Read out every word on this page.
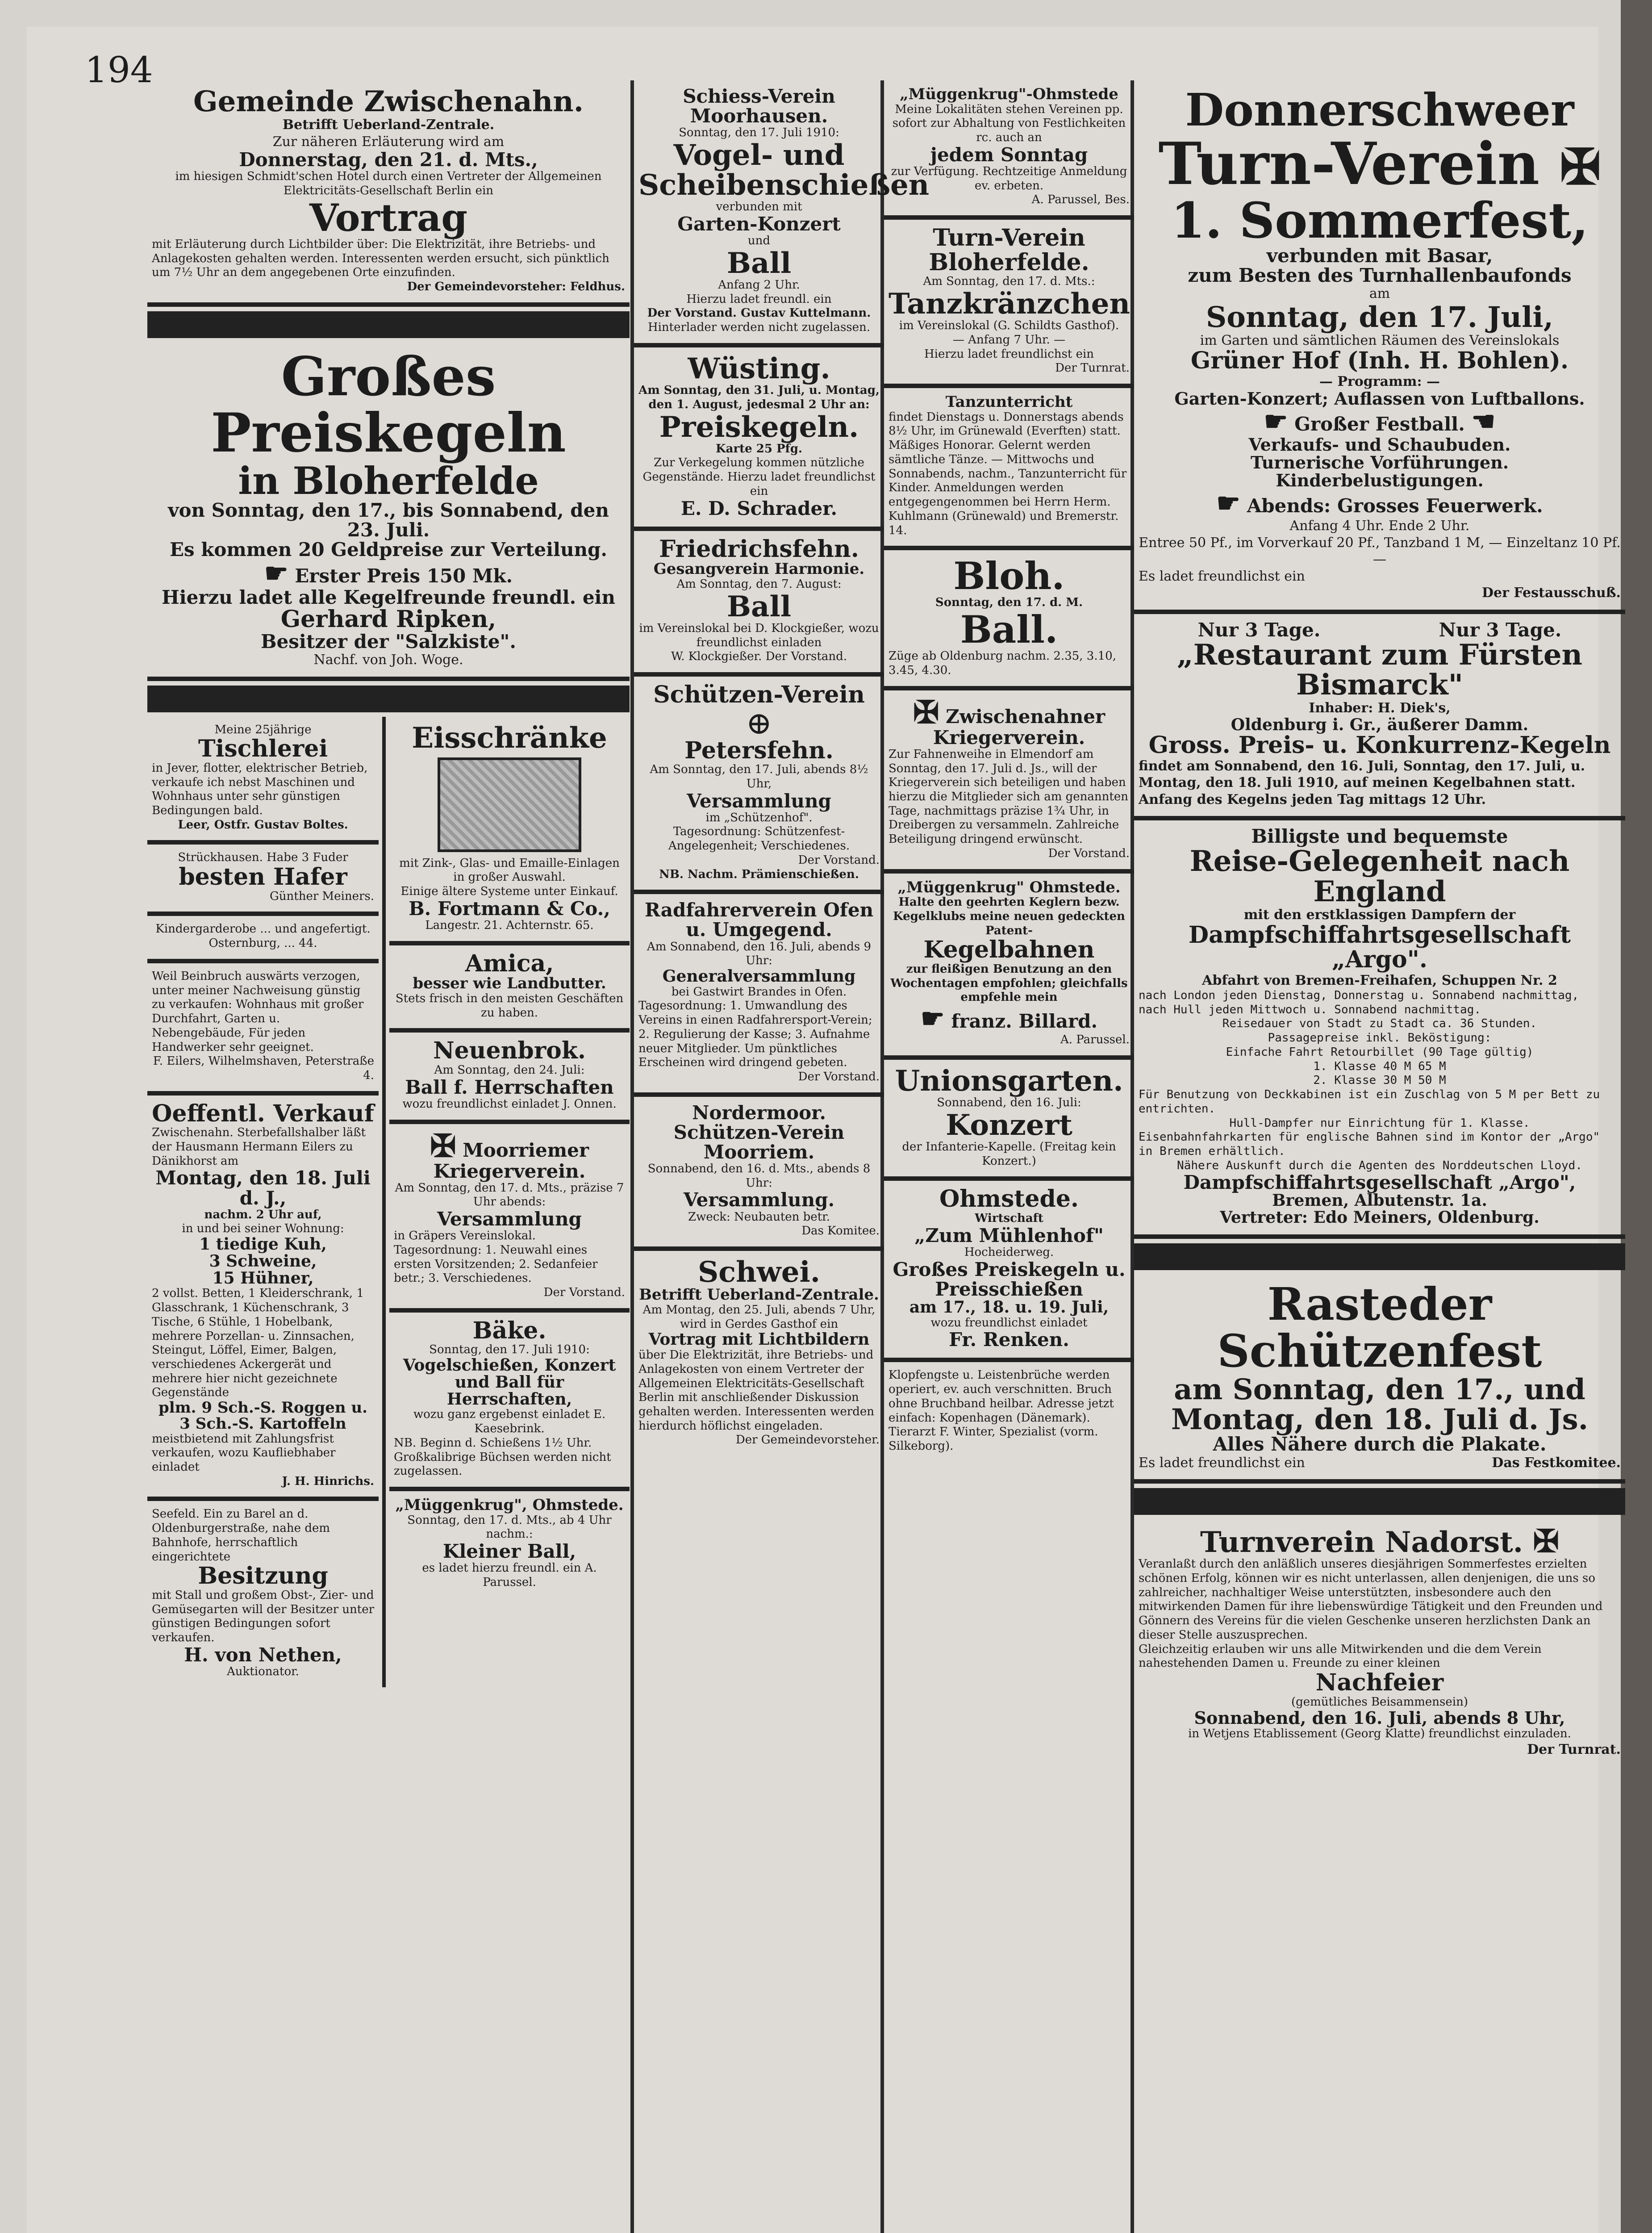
194
Gemeinde Zwischenahn.
Betrifft Ueberland-Zentrale.
Zur näheren Erläuterung wird am
Donnerstag, den 21. d. Mts.,
im hiesigen Schmidt'schen Hotel durch einen Vertreter der Allgemeinen Elektricitäts-Gesellschaft Berlin ein
Vortrag
mit Erläuterung durch Lichtbilder über: Die Elektrizität, ihre Betriebs- und Anlagekosten gehalten werden. Interessenten werden ersucht, sich pünktlich um 7½ Uhr an dem angegebenen Orte einzufinden.
Der Gemeindevorsteher: Feldhus.
Großes Preiskegeln
in Bloherfelde
von Sonntag, den 17., bis Sonnabend, den 23. Juli.
Es kommen 20 Geldpreise zur Verteilung.
☛ Erster Preis 150 Mk.
Hierzu ladet alle Kegelfreunde freundl. ein
Gerhard Ripken,
Besitzer der "Salzkiste".
Nachf. von Joh. Woge.
Meine 25jährige
Tischlerei
in Jever, flotter, elektrischer Betrieb, verkaufe ich nebst Maschinen und Wohnhaus unter sehr günstigen Bedingungen bald.
Leer, Ostfr. Gustav Boltes.
Strückhausen. Habe 3 Fuder
besten Hafer
Günther Meiners.
Kindergarderobe ... und angefertigt. Osternburg, ... 44.
Weil Beinbruch auswärts verzogen, unter meiner Nachweisung günstig zu verkaufen: Wohnhaus mit großer Durchfahrt, Garten u. Nebengebäude, Für jeden Handwerker sehr geeignet.
F. Eilers, Wilhelmshaven, Peterstraße 4.
Oeffentl. Verkauf
Zwischenahn. Sterbefallshalber läßt der Hausmann Hermann Eilers zu Dänikhorst am
Montag, den 18. Juli d. J.,
nachm. 2 Uhr auf,
in und bei seiner Wohnung:
1 tiedige Kuh,
3 Schweine,
15 Hühner,
2 vollst. Betten, 1 Kleiderschrank, 1 Glasschrank, 1 Küchenschrank, 3 Tische, 6 Stühle, 1 Hobelbank, mehrere Porzellan- u. Zinnsachen, Steingut, Löffel, Eimer, Balgen, verschiedenes Ackergerät und mehrere hier nicht gezeichnete Gegenstände
plm. 9 Sch.-S. Roggen u.
3 Sch.-S. Kartoffeln
meistbietend mit Zahlungsfrist verkaufen, wozu Kaufliebhaber einladet
J. H. Hinrichs.
Seefeld. Ein zu Barel an d. Oldenburgerstraße, nahe dem Bahnhofe, herrschaftlich eingerichtete
Besitzung
mit Stall und großem Obst-, Zier- und Gemüsegarten will der Besitzer unter günstigen Bedingungen sofort verkaufen.
H. von Nethen,
Auktionator.
Eisschränke
mit Zink-, Glas- und Emaille-Einlagen
in großer Auswahl.
Einige ältere Systeme unter Einkauf.
B. Fortmann & Co.,
Langestr. 21. Achternstr. 65.
Amica,
besser wie Landbutter.
Stets frisch in den meisten Geschäften zu haben.
Neuenbrok.
Am Sonntag, den 24. Juli:
Ball f. Herrschaften
wozu freundlichst einladet J. Onnen.
✠ Moorriemer Kriegerverein.
Am Sonntag, den 17. d. Mts., präzise 7 Uhr abends:
Versammlung
in Gräpers Vereinslokal. Tagesordnung: 1. Neuwahl eines ersten Vorsitzenden; 2. Sedanfeier betr.; 3. Verschiedenes.
Der Vorstand.
Bäke.
Sonntag, den 17. Juli 1910:
Vogelschießen, Konzert
und Ball für Herrschaften,
wozu ganz ergebenst einladet E. Kaesebrink.
NB. Beginn d. Schießens 1½ Uhr. Großkalibrige Büchsen werden nicht zugelassen.
„Müggenkrug", Ohmstede.
Sonntag, den 17. d. Mts., ab 4 Uhr nachm.:
Kleiner Ball,
es ladet hierzu freundl. ein A. Parussel.
Schiess-Verein Moorhausen.
Sonntag, den 17. Juli 1910:
Vogel- und Scheibenschießen
verbunden mit
Garten-Konzert
und
Ball
Anfang 2 Uhr.
Hierzu ladet freundl. ein
Der Vorstand. Gustav Kuttelmann.
Hinterlader werden nicht zugelassen.
Wüsting.
Am Sonntag, den 31. Juli, u. Montag, den 1. August, jedesmal 2 Uhr an:
Preiskegeln.
Karte 25 Pfg.
Zur Verkegelung kommen nützliche Gegenstände. Hierzu ladet freundlichst ein
E. D. Schrader.
Friedrichsfehn.
Gesangverein Harmonie.
Am Sonntag, den 7. August:
Ball
im Vereinslokal bei D. Klockgießer, wozu freundlichst einladen
W. Klockgießer. Der Vorstand.
Schützen-Verein
⊕
Petersfehn.
Am Sonntag, den 17. Juli, abends 8½ Uhr,
Versammlung
im „Schützenhof".
Tagesordnung: Schützenfest-Angelegenheit; Verschiedenes.
Der Vorstand.
NB. Nachm. Prämienschießen.
Radfahrerverein Ofen u. Umgegend.
Am Sonnabend, den 16. Juli, abends 9 Uhr:
Generalversammlung
bei Gastwirt Brandes in Ofen.
Tagesordnung: 1. Umwandlung des Vereins in einen Radfahrersport-Verein; 2. Regulierung der Kasse; 3. Aufnahme neuer Mitglieder. Um pünktliches Erscheinen wird dringend gebeten.
Der Vorstand.
Nordermoor. Schützen-Verein Moorriem.
Sonnabend, den 16. d. Mts., abends 8 Uhr:
Versammlung.
Zweck: Neubauten betr.
Das Komitee.
Schwei.
Betrifft Ueberland-Zentrale.
Am Montag, den 25. Juli, abends 7 Uhr, wird in Gerdes Gasthof ein
Vortrag mit Lichtbildern
über Die Elektrizität, ihre Betriebs- und Anlagekosten von einem Vertreter der Allgemeinen Elektricitäts-Gesellschaft Berlin mit anschließender Diskussion gehalten werden. Interessenten werden hierdurch höflichst eingeladen.
Der Gemeindevorsteher.
„Müggenkrug"-Ohmstede
Meine Lokalitäten stehen Vereinen pp. sofort zur Abhaltung von Festlichkeiten rc. auch an
jedem Sonntag
zur Verfügung. Rechtzeitige Anmeldung ev. erbeten.
A. Parussel, Bes.
Turn-Verein
Bloherfelde.
Am Sonntag, den 17. d. Mts.:
Tanzkränzchen
im Vereinslokal (G. Schildts Gasthof).
— Anfang 7 Uhr. —
Hierzu ladet freundlichst ein
Der Turnrat.
Tanzunterricht
findet Dienstags u. Donnerstags abends 8½ Uhr, im Grünewald (Everften) statt. Mäßiges Honorar. Gelernt werden sämtliche Tänze. — Mittwochs und Sonnabends, nachm., Tanzunterricht für Kinder. Anmeldungen werden entgegengenommen bei Herrn Herm. Kuhlmann (Grünewald) und Bremerstr. 14.
Bloh.
Sonntag, den 17. d. M.
Ball.
Züge ab Oldenburg nachm. 2.35, 3.10, 3.45, 4.30.
✠ Zwischenahner Kriegerverein.
Zur Fahnenweihe in Elmendorf am Sonntag, den 17. Juli d. Js., will der Kriegerverein sich beteiligen und haben hierzu die Mitglieder sich am genannten Tage, nachmittags präzise 1¾ Uhr, in Dreibergen zu versammeln. Zahlreiche Beteiligung dringend erwünscht.
Der Vorstand.
„Müggenkrug" Ohmstede.
Halte den geehrten Keglern bezw. Kegelklubs meine neuen gedeckten Patent-
Kegelbahnen
zur fleißigen Benutzung an den Wochentagen empfohlen; gleichfalls empfehle mein
☛ franz. Billard.
A. Parussel.
Unionsgarten.
Sonnabend, den 16. Juli:
Konzert
der Infanterie-Kapelle. (Freitag kein Konzert.)
Ohmstede.
Wirtschaft
„Zum Mühlenhof"
Hocheiderweg.
Großes Preiskegeln u. Preisschießen
am 17., 18. u. 19. Juli,
wozu freundlichst einladet
Fr. Renken.
Klopfengste u. Leistenbrüche werden operiert, ev. auch verschnitten. Bruch ohne Bruchband heilbar. Adresse jetzt einfach: Kopenhagen (Dänemark). Tierarzt F. Winter, Spezialist (vorm. Silkeborg).
Donnerschweer
Turn-Verein ✠
1. Sommerfest,
verbunden mit Basar,
zum Besten des Turnhallenbaufonds
am
Sonntag, den 17. Juli,
im Garten und sämtlichen Räumen des Vereinslokals
Grüner Hof (Inh. H. Bohlen).
— Programm: —
Garten-Konzert; Auflassen von Luftballons.
☛ Großer Festball. ☚
Verkaufs- und Schaubuden.
Turnerische Vorführungen.
Kinderbelustigungen.
☛ Abends: Grosses Feuerwerk.
Anfang 4 Uhr. Ende 2 Uhr.
Entree 50 Pf., im Vorverkauf 20 Pf., Tanzband 1 M, — Einzeltanz 10 Pf. —
Es ladet freundlichst ein
Der Festausschuß.
Nur 3 Tage.	Nur 3 Tage.
„Restaurant zum Fürsten Bismarck"
Inhaber: H. Diek's,
Oldenburg i. Gr., äußerer Damm.
Gross. Preis- u. Konkurrenz-Kegeln
findet am Sonnabend, den 16. Juli, Sonntag, den 17. Juli, u. Montag, den 18. Juli 1910, auf meinen Kegelbahnen statt. Anfang des Kegelns jeden Tag mittags 12 Uhr.
Billigste und bequemste
Reise-Gelegenheit nach England
mit den erstklassigen Dampfern der
Dampfschiffahrtsgesellschaft „Argo".
Abfahrt von Bremen-Freihafen, Schuppen Nr. 2
nach London jeden Dienstag, Donnerstag u. Sonnabend nachmittag,
nach Hull jeden Mittwoch u. Sonnabend nachmittag.
Reisedauer von Stadt zu Stadt ca. 36 Stunden.
Passagepreise inkl. Beköstigung:
Einfache Fahrt Retourbillet (90 Tage gültig)
1. Klasse 40 M 65 M
2. Klasse 30 M 50 M
Für Benutzung von Deckkabinen ist ein Zuschlag von 5 M per Bett zu entrichten.
Hull-Dampfer nur Einrichtung für 1. Klasse.
Eisenbahnfahrkarten für englische Bahnen sind im Kontor der „Argo" in Bremen erhältlich.
Nähere Auskunft durch die Agenten des Norddeutschen Lloyd.
Dampfschiffahrtsgesellschaft „Argo",
Bremen, Albutenstr. 1a.
Vertreter: Edo Meiners, Oldenburg.
Rasteder Schützenfest
am Sonntag, den 17., und
Montag, den 18. Juli d. Js.
Alles Nähere durch die Plakate.
Es ladet freundlichst ein	Das Festkomitee.
Turnverein Nadorst. ✠
Veranlaßt durch den anläßlich unseres diesjährigen Sommerfestes erzielten schönen Erfolg, können wir es nicht unterlassen, allen denjenigen, die uns so zahlreicher, nachhaltiger Weise unterstützten, insbesondere auch den mitwirkenden Damen für ihre liebenswürdige Tätigkeit und den Freunden und Gönnern des Vereins für die vielen Geschenke unseren herzlichsten Dank an dieser Stelle auszusprechen.
Gleichzeitig erlauben wir uns alle Mitwirkenden und die dem Verein nahestehenden Damen u. Freunde zu einer kleinen
Nachfeier
(gemütliches Beisammensein)
Sonnabend, den 16. Juli, abends 8 Uhr,
in Wetjens Etablissement (Georg Klatte) freundlichst einzuladen.
Der Turnrat.
